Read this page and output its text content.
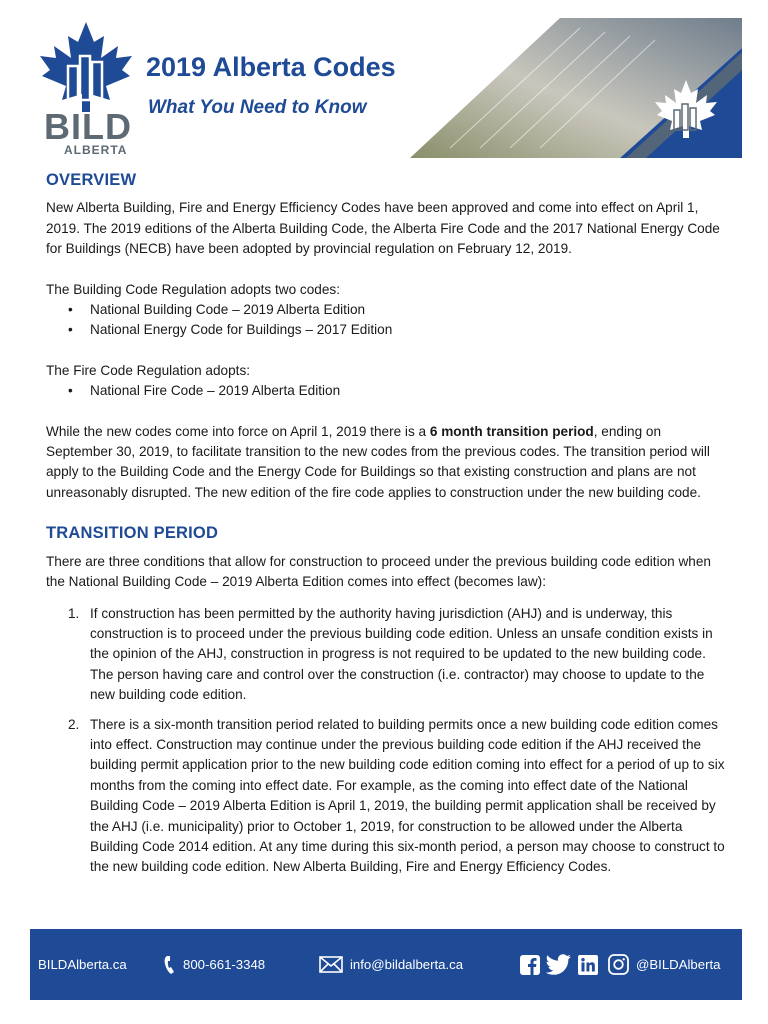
BILD
ALBERTA
2019 Alberta Codes
What You Need to Know
OVERVIEW
New Alberta Building, Fire and Energy Efficiency Codes have been approved and come into effect on April 1, 2019. The 2019 editions of the Alberta Building Code, the Alberta Fire Code and the 2017 National Energy Code for Buildings (NECB) have been adopted by provincial regulation on February 12, 2019.
The Building Code Regulation adopts two codes:
• National Building Code – 2019 Alberta Edition
• National Energy Code for Buildings – 2017 Edition
The Fire Code Regulation adopts:
• National Fire Code – 2019 Alberta Edition
While the new codes come into force on April 1, 2019 there is a 6 month transition period, ending on September 30, 2019, to facilitate transition to the new codes from the previous codes. The transition period will apply to the Building Code and the Energy Code for Buildings so that existing construction and plans are not unreasonably disrupted. The new edition of the fire code applies to construction under the new building code.
TRANSITION PERIOD
There are three conditions that allow for construction to proceed under the previous building code edition when the National Building Code – 2019 Alberta Edition comes into effect (becomes law):
1. If construction has been permitted by the authority having jurisdiction (AHJ) and is underway, this construction is to proceed under the previous building code edition. Unless an unsafe condition exists in the opinion of the AHJ, construction in progress is not required to be updated to the new building code. The person having care and control over the construction (i.e. contractor) may choose to update to the new building code edition.
2. There is a six-month transition period related to building permits once a new building code edition comes into effect. Construction may continue under the previous building code edition if the AHJ received the building permit application prior to the new building code edition coming into effect for a period of up to six months from the coming into effect date. For example, as the coming into effect date of the National Building Code – 2019 Alberta Edition is April 1, 2019, the building permit application shall be received by the AHJ (i.e. municipality) prior to October 1, 2019, for construction to be allowed under the Alberta Building Code 2014 edition. At any time during this six-month period, a person may choose to construct to the new building code edition. New Alberta Building, Fire and Energy Efficiency Codes.
BILDAlberta.ca	800-661-3348	info@bildalberta.ca	@BILDAlberta
